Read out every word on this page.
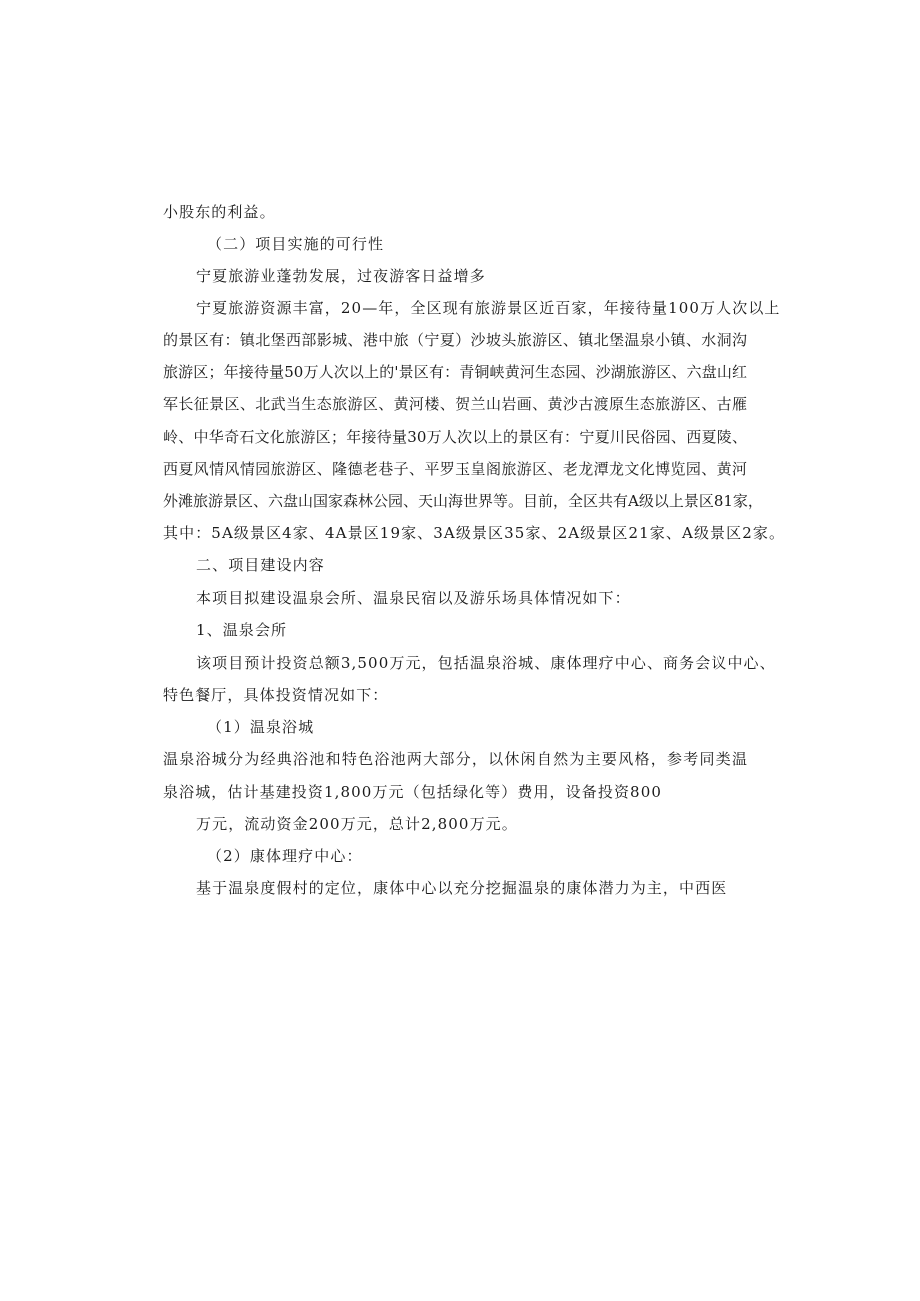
小股东的利益。
（二）项目实施的可行性
宁夏旅游业蓬勃发展，过夜游客日益增多
宁夏旅游资源丰富，20—年，全区现有旅游景区近百家，年接待量100万人次以上
的景区有：镇北堡西部影城、港中旅（宁夏）沙坡头旅游区、镇北堡温泉小镇、水洞沟
旅游区；年接待量50万人次以上的'景区有：青铜峡黄河生态园、沙湖旅游区、六盘山红
军长征景区、北武当生态旅游区、黄河楼、贺兰山岩画、黄沙古渡原生态旅游区、古雁
岭、中华奇石文化旅游区；年接待量30万人次以上的景区有：宁夏川民俗园、西夏陵、
西夏风情风情园旅游区、隆德老巷子、平罗玉皇阁旅游区、老龙潭龙文化博览园、黄河
外滩旅游景区、六盘山国家森林公园、天山海世界等。目前，全区共有A级以上景区81家，
其中：5A级景区4家、4A景区19家、3A级景区35家、2A级景区21家、A级景区2家。
二、项目建设内容
本项目拟建设温泉会所、温泉民宿以及游乐场具体情况如下：
1、温泉会所
该项目预计投资总额3,500万元，包括温泉浴城、康体理疗中心、商务会议中心、
特色餐厅，具体投资情况如下：
（1）温泉浴城
温泉浴城分为经典浴池和特色浴池两大部分，以休闲自然为主要风格，参考同类温
泉浴城，估计基建投资1,800万元（包括绿化等）费用，设备投资800
万元，流动资金200万元，总计2,800万元。
（2）康体理疗中心：
基于温泉度假村的定位，康体中心以充分挖掘温泉的康体潜力为主，中西医
